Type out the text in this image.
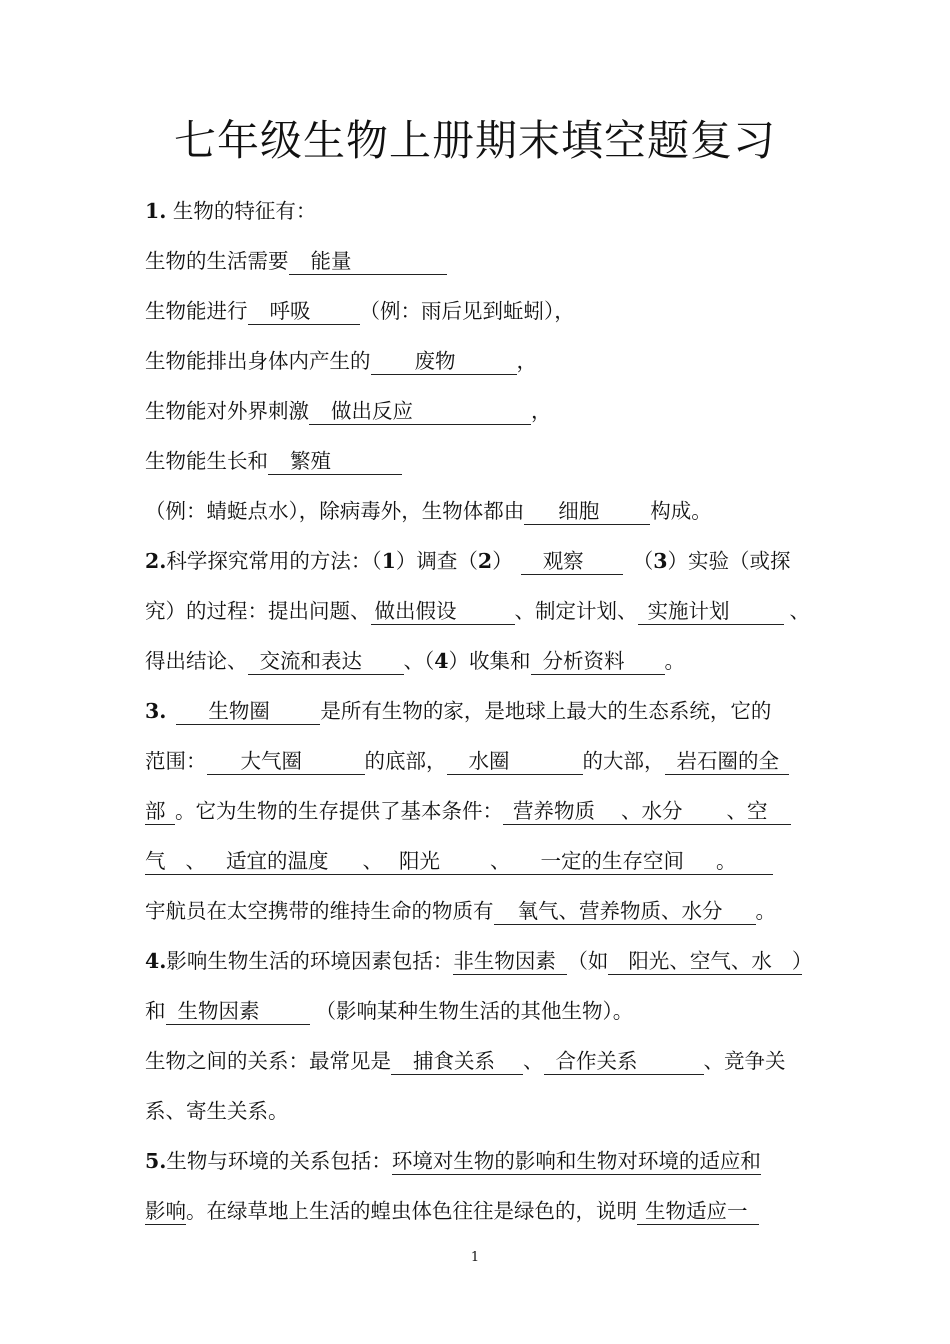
七年级生物上册期末填空题复习
1. 生物的特征有：
生物的生活需要 能量
生物能进行 呼吸 （例：雨后见到蚯蚓），
生物能排出身体内产生的 废物	，
生物能对外界刺激 做出反应	，
生物能生长和 繁殖
（例：蜻蜓点水），除病毒外，生物体都由 细胞 构成。
2.科学探究常用的方法：（1）调查（2） 观察 （3）实验（或探
究）的过程：提出问题、 做出假设	、制定计划、 实施计划	、
得出结论、 交流和表达 、（4）收集和 分析资料 。
3. 生物圈 是所有生物的家，是地球上最大的生态系统，它的
范围： 大气圈	的底部， 水圈	的大部， 岩石圈的全
部 。它为生物的生存提供了基本条件： 营养物质 、水分 、空
气 、 适宜的温度 、 阳光 、 一定的生存空间 。
宇航员在太空携带的维持生命的物质有 氧气、营养物质、水分 。
4.影响生物生活的环境因素包括：非生物因素 （如 阳光、空气、水 ）
和 生物因素	（影响某种生物生活的其他生物）。
生物之间的关系：最常见是 捕食关系 、 合作关系	、竞争关
系、寄生关系。
5.生物与环境的关系包括：环境对生物的影响和生物对环境的适应和
影响。在绿草地上生活的蝗虫体色往往是绿色的，说明 生物适应一
1
